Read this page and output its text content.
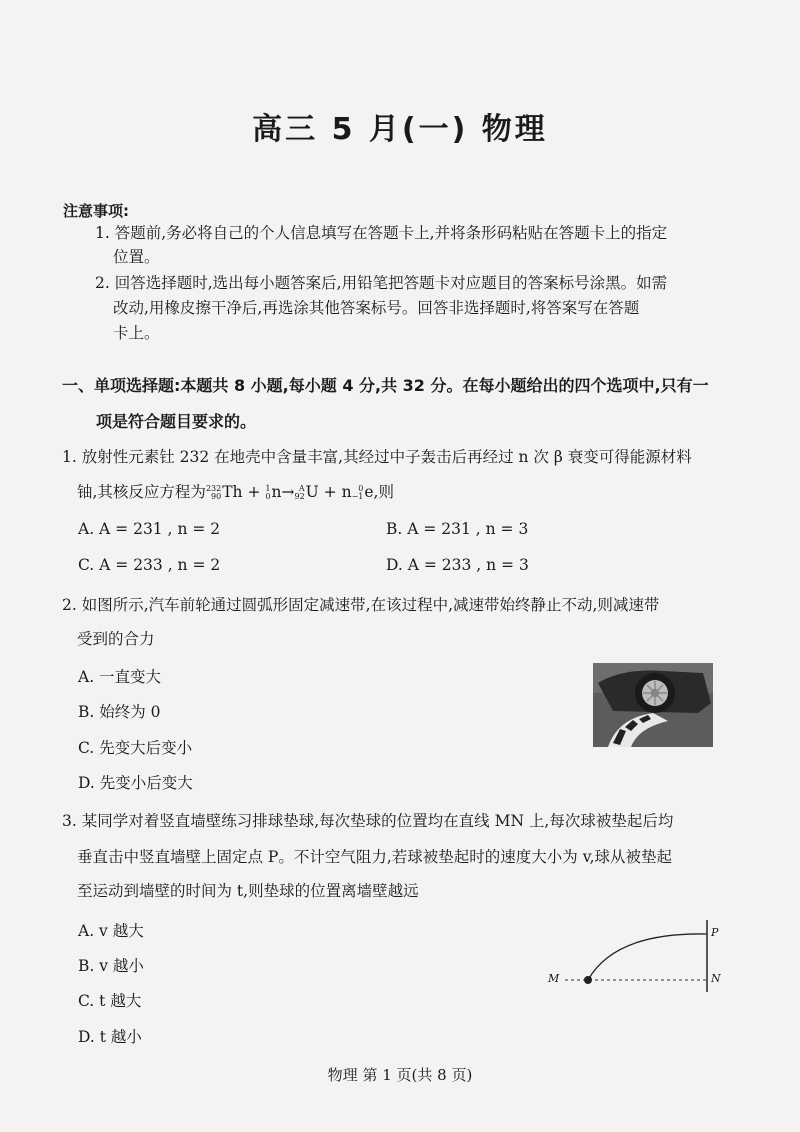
高三 5 月(一) 物理
注意事项:
1. 答题前,务必将自己的个人信息填写在答题卡上,并将条形码粘贴在答题卡上的指定
位置。
2. 回答选择题时,选出每小题答案后,用铅笔把答题卡对应题目的答案标号涂黑。如需
改动,用橡皮擦干净后,再选涂其他答案标号。回答非选择题时,将答案写在答题
卡上。
一、单项选择题:本题共 8 小题,每小题 4 分,共 32 分。在每小题给出的四个选项中,只有一
项是符合题目要求的。
1. 放射性元素钍 232 在地壳中含量丰富,其经过中子轰击后再经过 n 次 β 衰变可得能源材料
铀,其核反应方程为 232
90 Th + 1
0 n→ A
92 U + n 0
−1 e,则
A. A = 231 , n = 2	B. A = 231 , n = 3
C. A = 233 , n = 2	D. A = 233 , n = 3
2. 如图所示,汽车前轮通过圆弧形固定减速带,在该过程中,减速带始终静止不动,则减速带
受到的合力
A. 一直变大
B. 始终为 0
C. 先变大后变小
D. 先变小后变大
3. 某同学对着竖直墙壁练习排球垫球,每次垫球的位置均在直线 MN 上,每次球被垫起后均
垂直击中竖直墙壁上固定点 P。不计空气阻力,若球被垫起时的速度大小为 v,球从被垫起
至运动到墙壁的时间为 t,则垫球的位置离墙壁越远
A. v 越大
B. v 越小
C. t 越大
D. t 越小
M	N
P
物理 第 1 页(共 8 页)
